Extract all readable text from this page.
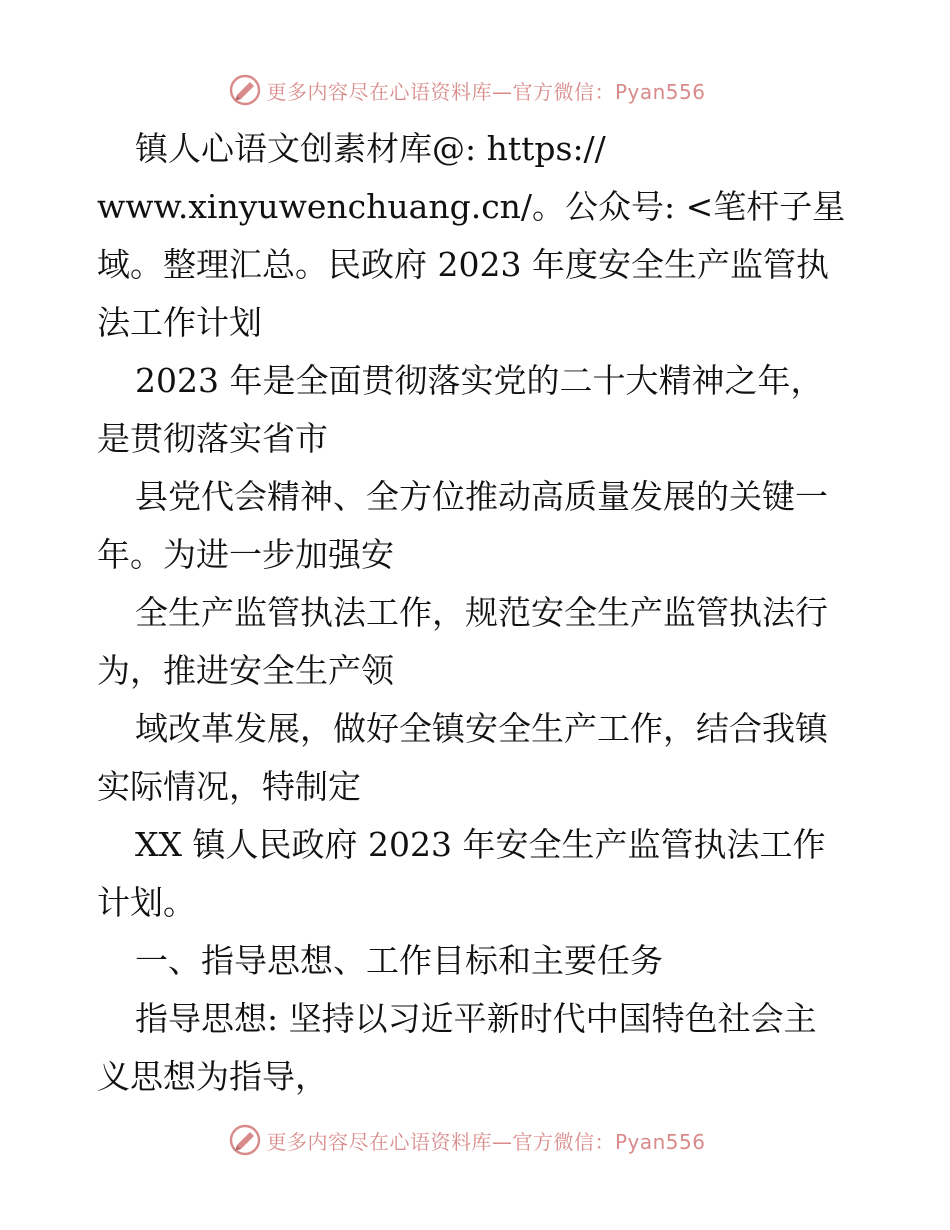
更多内容尽在心语资料库—官方微信：Pyan556
镇人心语文创素材库@: https://
www.xinyuwenchuang.cn/。公众号: <笔杆子星
域。整理汇总。民政府 2023 年度安全生产监管执
法工作计划
2023 年是全面贯彻落实党的二十大精神之年，
是贯彻落实省市
县党代会精神、全方位推动高质量发展的关键一
年。为进一步加强安
全生产监管执法工作，规范安全生产监管执法行
为，推进安全生产领
域改革发展，做好全镇安全生产工作，结合我镇
实际情况，特制定
XX 镇人民政府 2023 年安全生产监管执法工作
计划。
一、指导思想、工作目标和主要任务
指导思想: 坚持以习近平新时代中国特色社会主
义思想为指导，
更多内容尽在心语资料库—官方微信：Pyan556
